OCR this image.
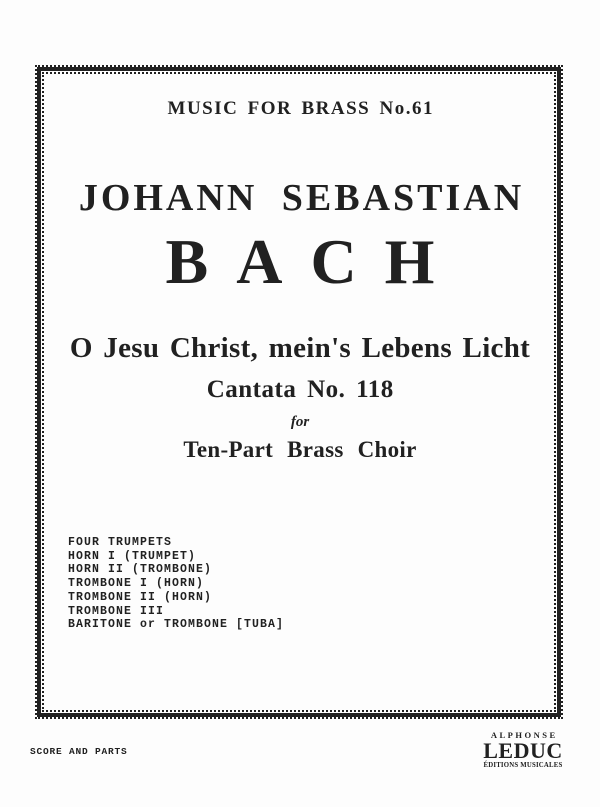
MUSIC FOR BRASS No.61
JOHANN SEBASTIAN
BACH
O Jesu Christ, mein's Lebens Licht
Cantata No. 118
for
Ten-Part Brass Choir
FOUR TRUMPETS
HORN I (TRUMPET)
HORN II (TROMBONE)
TROMBONE I (HORN)
TROMBONE II (HORN)
TROMBONE III
BARITONE or TROMBONE [TUBA]
SCORE AND PARTS
ALPHONSE
LEDUC
ÉDITIONS MUSICALES
